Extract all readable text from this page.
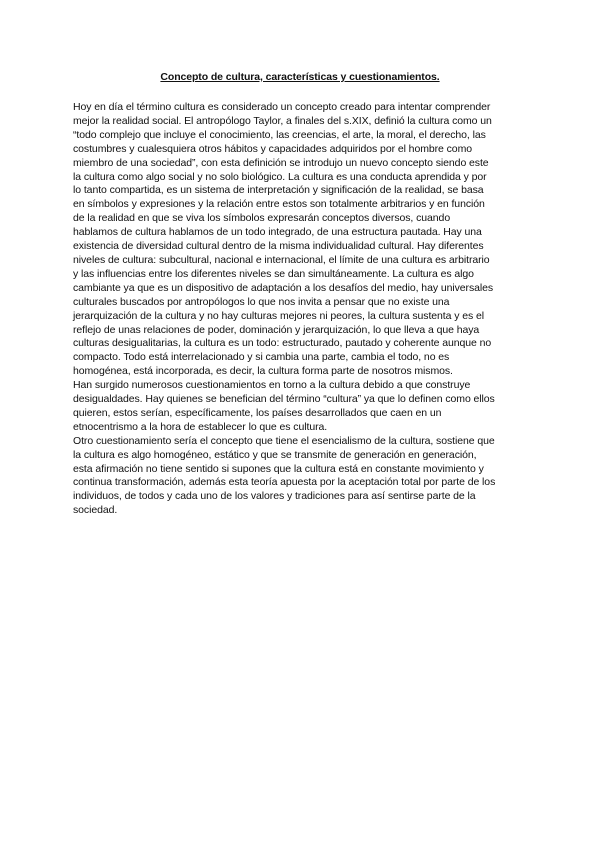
Concepto de cultura, características y cuestionamientos.

Hoy en día el término cultura es considerado un concepto creado para intentar comprender
mejor la realidad social. El antropólogo Taylor, a finales del s.XIX, definió la cultura como un
“todo complejo que incluye el conocimiento, las creencias, el arte, la moral, el derecho, las
costumbres y cualesquiera otros hábitos y capacidades adquiridos por el hombre como
miembro de una sociedad”, con esta definición se introdujo un nuevo concepto siendo este
la cultura como algo social y no solo biológico. La cultura es una conducta aprendida y por
lo tanto compartida, es un sistema de interpretación y significación de la realidad, se basa
en símbolos y expresiones y la relación entre estos son totalmente arbitrarios y en función
de la realidad en que se viva los símbolos expresarán conceptos diversos, cuando
hablamos de cultura hablamos de un todo integrado, de una estructura pautada. Hay una
existencia de diversidad cultural dentro de la misma individualidad cultural. Hay diferentes
niveles de cultura: subcultural, nacional e internacional, el límite de una cultura es arbitrario
y las influencias entre los diferentes niveles se dan simultáneamente. La cultura es algo
cambiante ya que es un dispositivo de adaptación a los desafíos del medio, hay universales
culturales buscados por antropólogos lo que nos invita a pensar que no existe una
jerarquización de la cultura y no hay culturas mejores ni peores, la cultura sustenta y es el
reflejo de unas relaciones de poder, dominación y jerarquización, lo que lleva a que haya
culturas desigualitarias, la cultura es un todo: estructurado, pautado y coherente aunque no
compacto. Todo está interrelacionado y si cambia una parte, cambia el todo, no es
homogénea, está incorporada, es decir, la cultura forma parte de nosotros mismos.

Han surgido numerosos cuestionamientos en torno a la cultura debido a que construye
desigualdades. Hay quienes se benefician del término “cultura” ya que lo definen como ellos
quieren, estos serían, específicamente, los países desarrollados que caen en un
etnocentrismo a la hora de establecer lo que es cultura.

Otro cuestionamiento sería el concepto que tiene el esencialismo de la cultura, sostiene que
la cultura es algo homogéneo, estático y que se transmite de generación en generación,
esta afirmación no tiene sentido si supones que la cultura está en constante movimiento y
continua transformación, además esta teoría apuesta por la aceptación total por parte de los
individuos, de todos y cada uno de los valores y tradiciones para así sentirse parte de la
sociedad.
